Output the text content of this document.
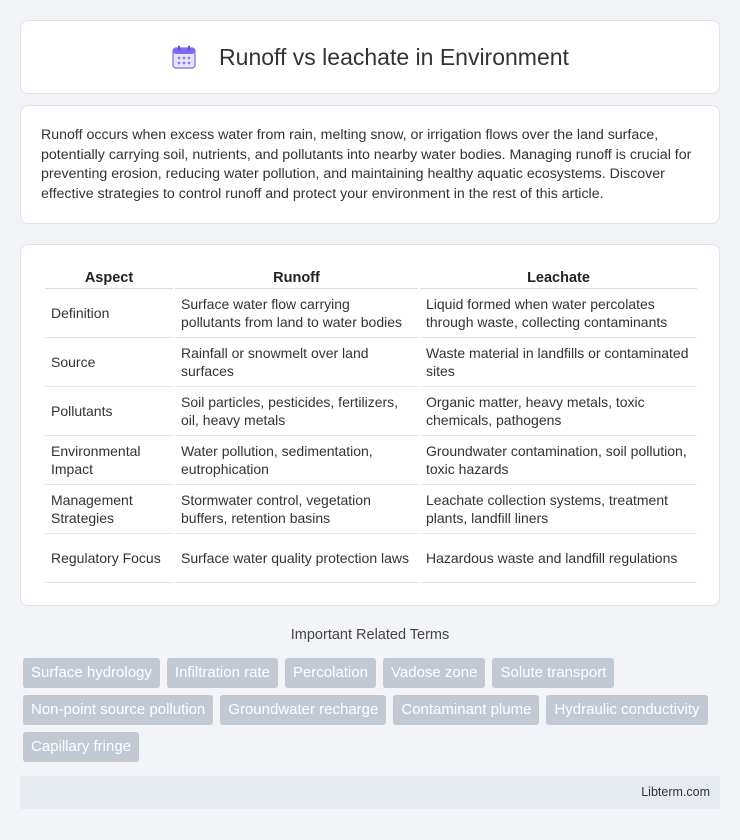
Runoff vs leachate in Environment

Runoff occurs when excess water from rain, melting snow, or irrigation flows over the land surface, potentially carrying soil, nutrients, and pollutants into nearby water bodies. Managing runoff is crucial for preventing erosion, reducing water pollution, and maintaining healthy aquatic ecosystems. Discover effective strategies to control runoff and protect your environment in the rest of this article.

Aspect	Runoff	Leachate
Definition	Surface water flow carrying pollutants from land to water bodies	Liquid formed when water percolates through waste, collecting contaminants
Source	Rainfall or snowmelt over land surfaces	Waste material in landfills or contaminated sites
Pollutants	Soil particles, pesticides, fertilizers, oil, heavy metals	Organic matter, heavy metals, toxic chemicals, pathogens
Environmental Impact	Water pollution, sedimentation, eutrophication	Groundwater contamination, soil pollution, toxic hazards
Management Strategies	Stormwater control, vegetation buffers, retention basins	Leachate collection systems, treatment plants, landfill liners
Regulatory Focus	Surface water quality protection laws	Hazardous waste and landfill regulations
Important Related Terms
Surface hydrology	Infiltration rate	Percolation	Vadose zone	Solute transport
Non-point source pollution	Groundwater recharge	Contaminant plume	Hydraulic conductivity
Capillary fringe
Libterm.com
